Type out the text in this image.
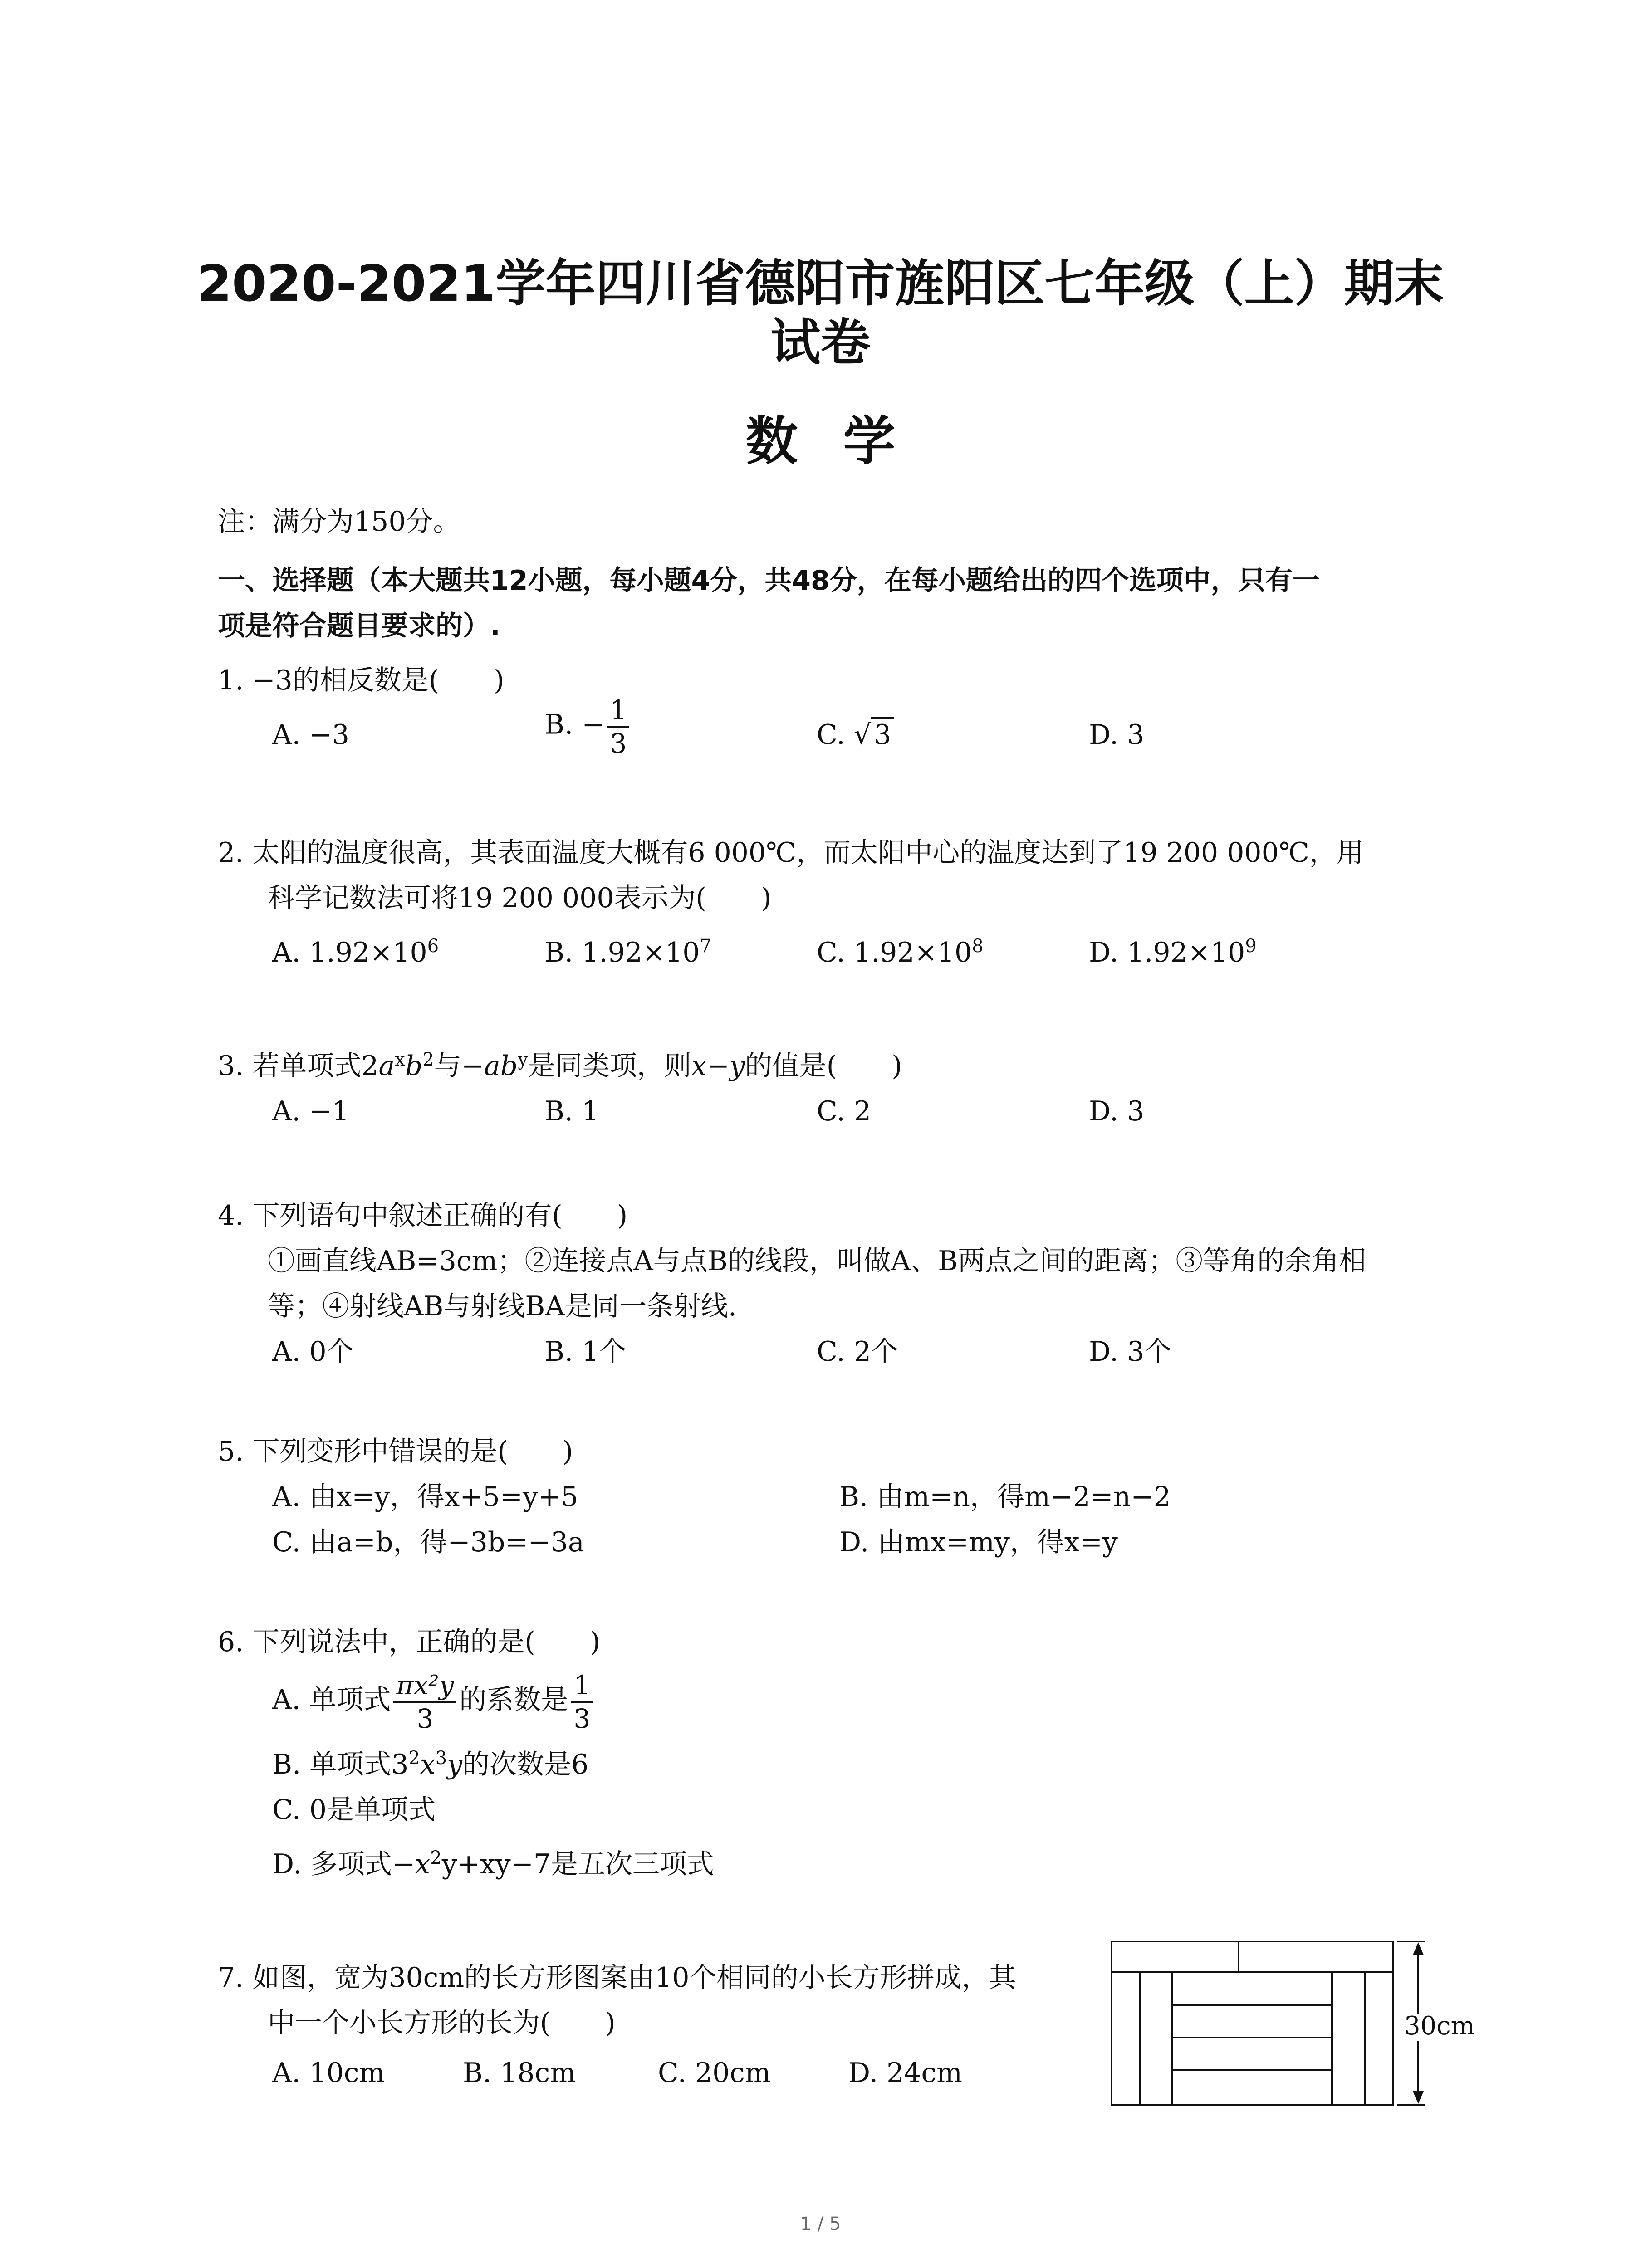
2020-2021学年四川省德阳市旌阳区七年级（上）期末
试卷
数学
注：满分为150分。
一、选择题（本大题共12小题，每小题4分，共48分，在每小题给出的四个选项中，只有一
项是符合题目要求的）.
1. −3的相反数是(　　)
A. −3	B. − $\frac{1}{3}$	C. √ 3	D. 3
2. 太阳的温度很高，其表面温度大概有6 000℃，而太阳中心的温度达到了19 200 000℃，用
科学记数法可将19 200 000表示为(　　)
A. $1.92\times 10^6$	B. $1.92\times 10^7$	C. $1.92\times 10^8$	D. $1.92\times 10^9$
3. 若单项式$2a^xb^2$与$-ab^y$是同类项，则x−y的值是(　　)
A. −1	B. 1	C. 2	D. 3
4. 下列语句中叙述正确的有(　　)
①画直线AB=3cm；②连接点A与点B的线段，叫做A、B两点之间的距离；③等角的余角相
等；④射线AB与射线BA是同一条射线.
A. 0个	B. 1个	C. 2个	D. 3个
5. 下列变形中错误的是(　　)
A. 由x=y，得x+5=y+5	B. 由m=n，得m−2=n−2
C. 由a=b，得−3b=−3a	D. 由mx=my，得x=y
6. 下列说法中，正确的是(　　)
A. 单项式 $\frac{\text{πx²y}}{3}$ 的系数是 $\frac{1}{3}$
B. 单项式$3^2x^3y$的次数是6
C. 0是单项式
D. 多项式$-x^2y+xy-7$是五次三项式
7. 如图，宽为30cm的长方形图案由10个相同的小长方形拼成，其
中一个小长方形的长为(　　)
A. 10cm	B. 18cm	C. 20cm	D. 24cm
30cm
1 / 5
